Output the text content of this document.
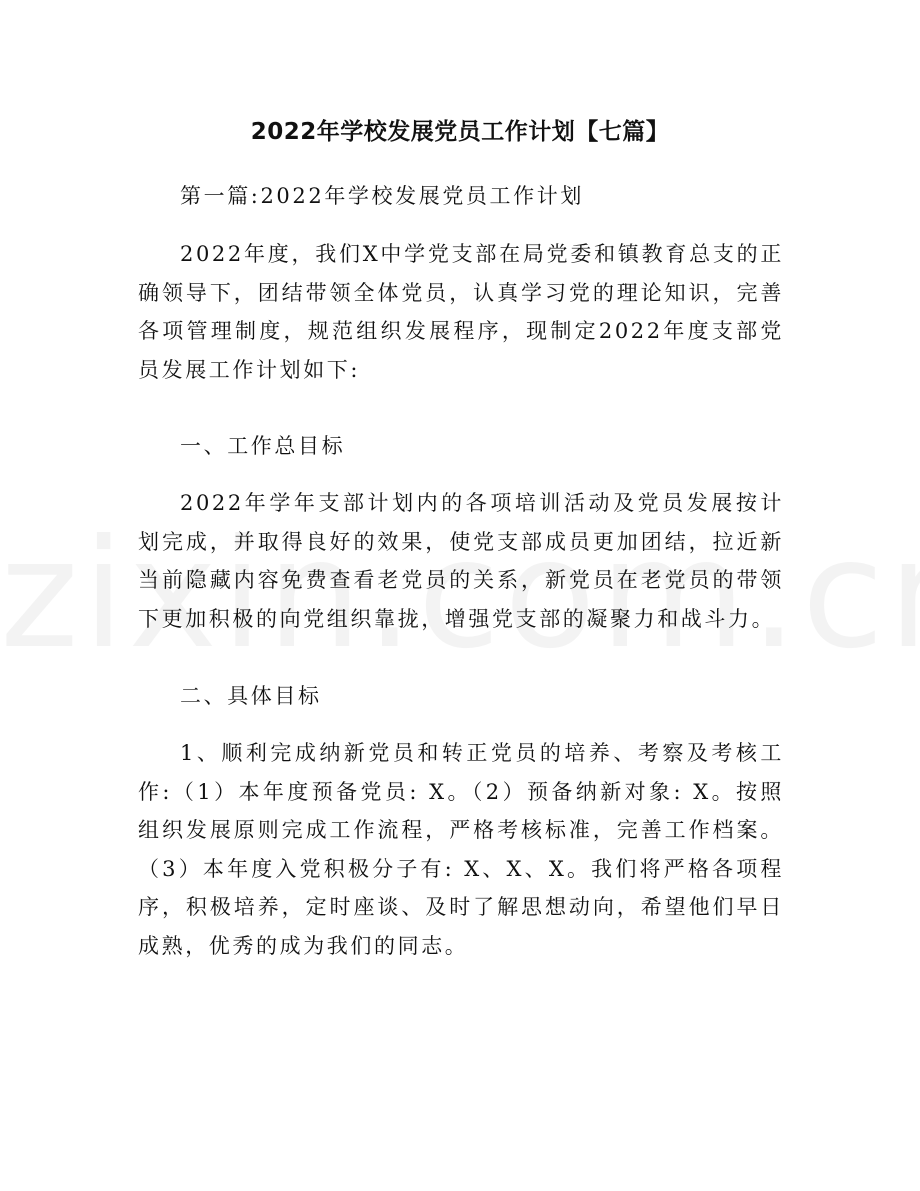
2022年学校发展党员工作计划【七篇】

第一篇:2022年学校发展党员工作计划

2022年度，我们X中学党支部在局党委和镇教育总支的正确领导下，团结带领全体党员，认真学习党的理论知识，完善各项管理制度，规范组织发展程序，现制定2022年度支部党员发展工作计划如下:

一、工作总目标

2022年学年支部计划内的各项培训活动及党员发展按计划完成，并取得良好的效果，使党支部成员更加团结，拉近新当前隐藏内容免费查看老党员的关系，新党员在老党员的带领下更加积极的向党组织靠拢，增强党支部的凝聚力和战斗力。

二、具体目标

1、顺利完成纳新党员和转正党员的培养、考察及考核工作:（1）本年度预备党员: X。（2）预备纳新对象: X。按照组织发展原则完成工作流程，严格考核标准，完善工作档案。（3）本年度入党积极分子有: X、X、X。我们将严格各项程序，积极培养，定时座谈、及时了解思想动向，希望他们早日成熟，优秀的成为我们的同志。
